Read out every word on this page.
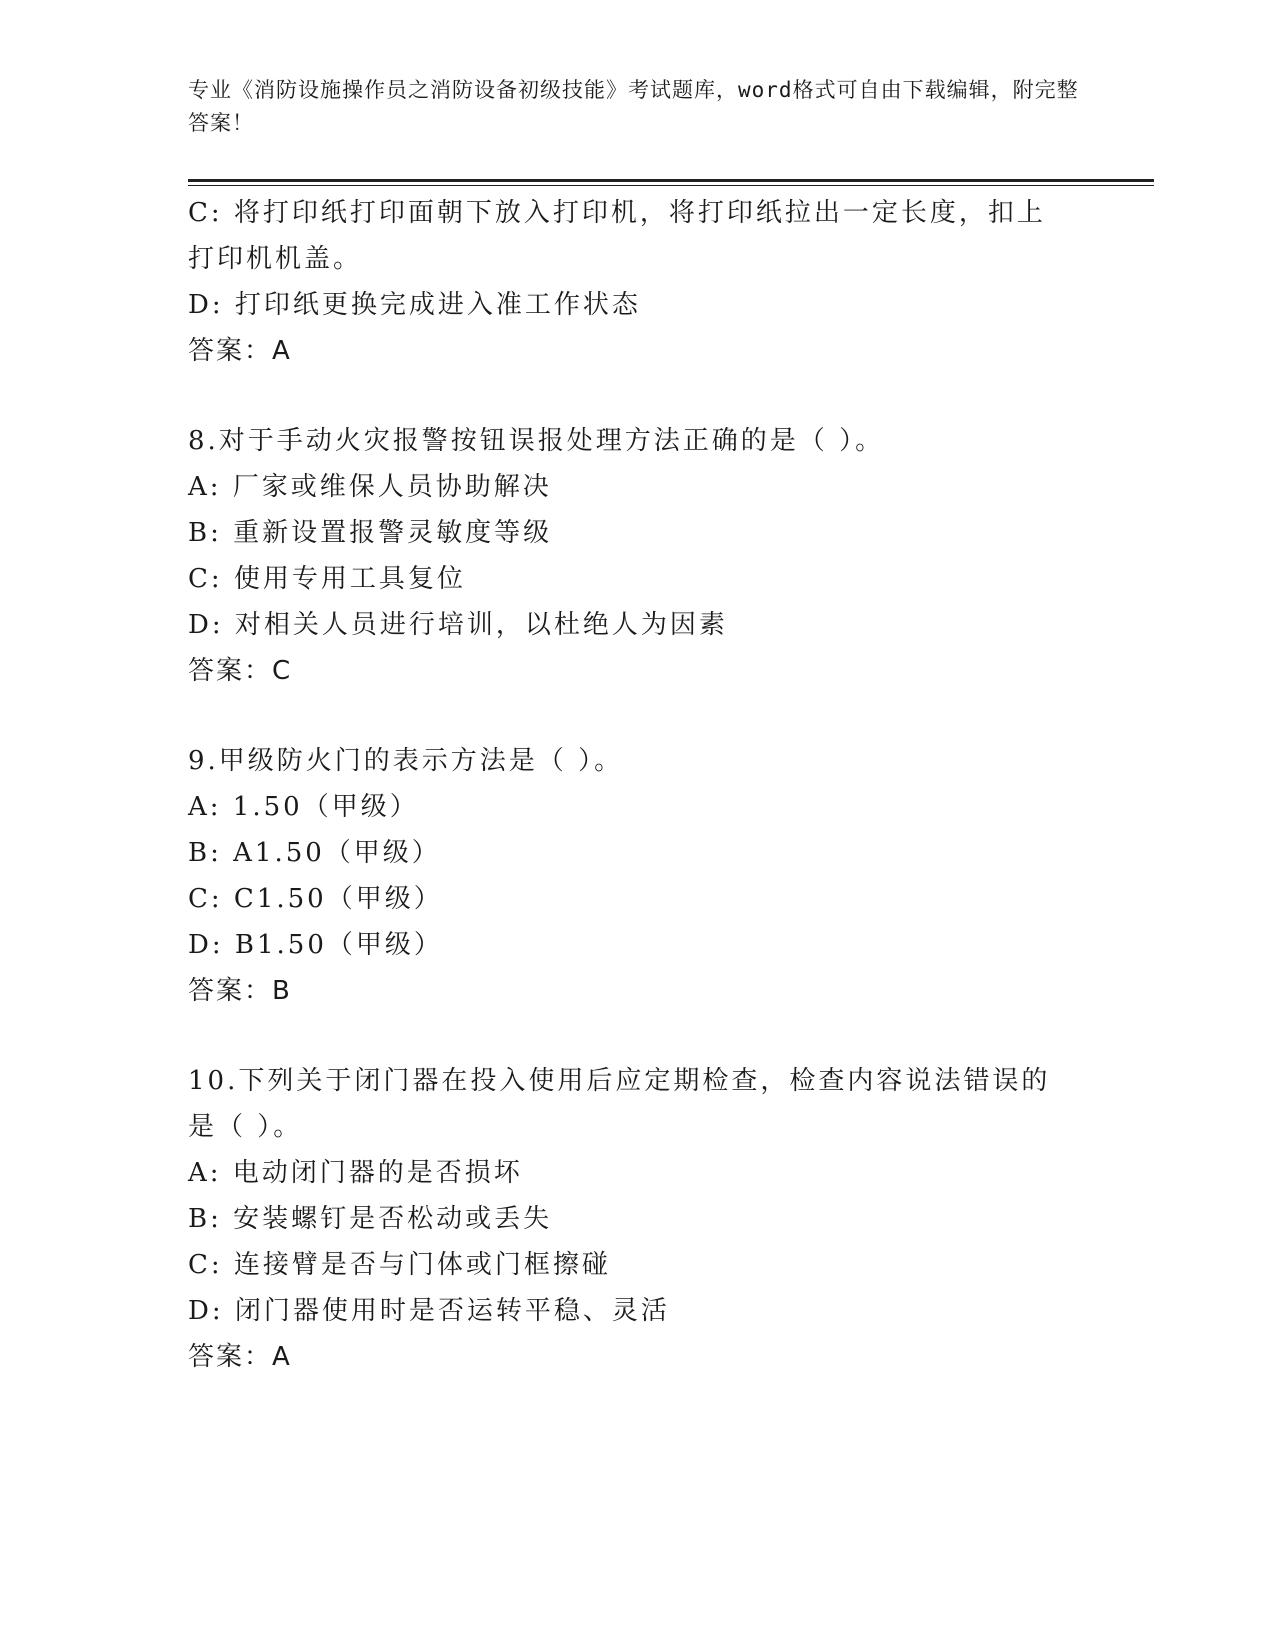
专业《消防设施操作员之消防设备初级技能》考试题库，word格式可自由下载编辑，附完整答案！
C: 将打印纸打印面朝下放入打印机，将打印纸拉出一定长度，扣上打印机机盖。
D: 打印纸更换完成进入准工作状态
答案：A
8.对于手动火灾报警按钮误报处理方法正确的是（ ）。
A: 厂家或维保人员协助解决
B: 重新设置报警灵敏度等级
C: 使用专用工具复位
D: 对相关人员进行培训，以杜绝人为因素
答案：C
9.甲级防火门的表示方法是（ ）。
A: 1.50（甲级）
B: A1.50（甲级）
C: C1.50（甲级）
D: B1.50（甲级）
答案：B
10.下列关于闭门器在投入使用后应定期检查，检查内容说法错误的是（ ）。
A: 电动闭门器的是否损坏
B: 安装螺钉是否松动或丢失
C: 连接臂是否与门体或门框擦碰
D: 闭门器使用时是否运转平稳、灵活
答案：A
